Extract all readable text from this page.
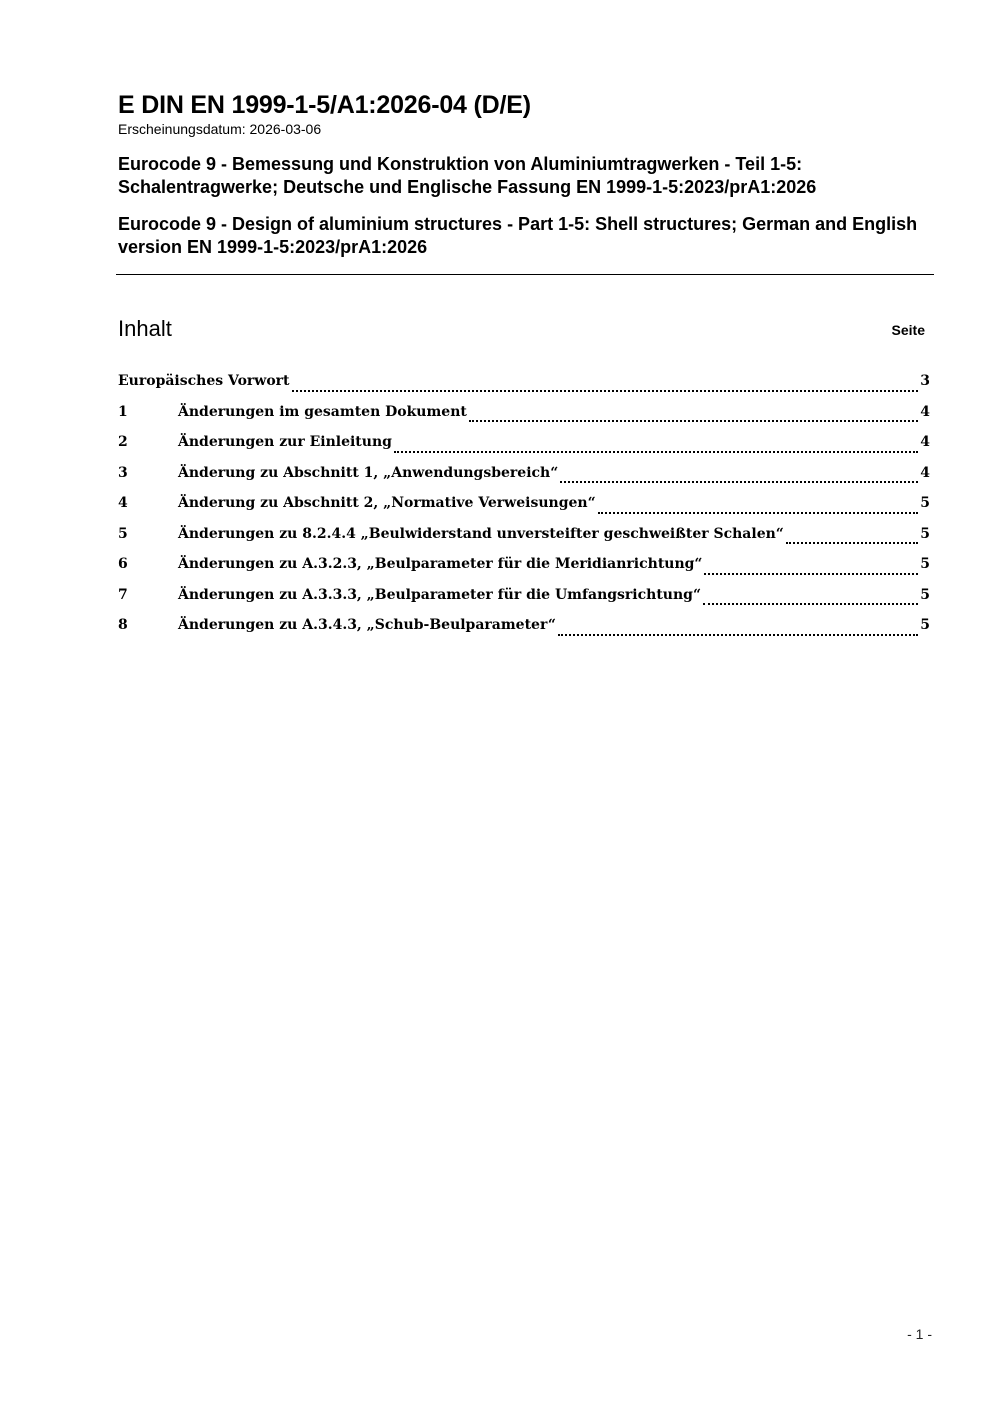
E DIN EN 1999-1-5/A1:2026-04 (D/E)
Erscheinungsdatum: 2026-03-06
Eurocode 9 - Bemessung und Konstruktion von Aluminiumtragwerken - Teil 1-5: Schalentragwerke; Deutsche und Englische Fassung EN 1999-1-5:2023/prA1:2026
Eurocode 9 - Design of aluminium structures - Part 1-5: Shell structures; German and English version EN 1999-1-5:2023/prA1:2026
Inhalt	Seite
Europäisches Vorwort	3
1	Änderungen im gesamten Dokument	4
2	Änderungen zur Einleitung	4
3	Änderung zu Abschnitt 1, „Anwendungsbereich“	4
4	Änderung zu Abschnitt 2, „Normative Verweisungen“	5
5	Änderungen zu 8.2.4.4 „Beulwiderstand unversteifter geschweißter Schalen“	5
6	Änderungen zu A.3.2.3, „Beulparameter für die Meridianrichtung“	5
7	Änderungen zu A.3.3.3, „Beulparameter für die Umfangsrichtung“	5
8	Änderungen zu A.3.4.3, „Schub-Beulparameter“	5
- 1 -
